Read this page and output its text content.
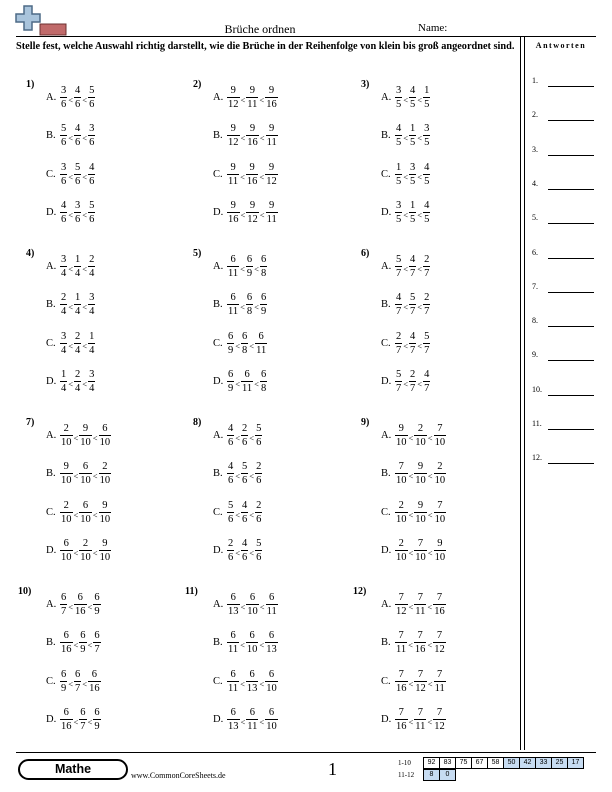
Brüche ordnen	Name:
Stelle fest, welche Auswahl richtig darstellt, wie die Brüche in der Reihenfolge von klein bis groß angeordnet sind.	Antworten
1.
2.
3.
4.
5.
6.
7.
8.
9.
10.
11.
12.
1)
A. $\frac{3}{6} < \frac{4}{6} < \frac{5}{6}$
B. $\frac{5}{6} < \frac{4}{6} < \frac{3}{6}$
C. $\frac{3}{6} < \frac{5}{6} < \frac{4}{6}$
D. $\frac{4}{6} < \frac{3}{6} < \frac{5}{6}$
2)
A. $\frac{9}{12} < \frac{9}{11} < \frac{9}{16}$
B. $\frac{9}{12} < \frac{9}{16} < \frac{9}{11}$
C. $\frac{9}{11} < \frac{9}{16} < \frac{9}{12}$
D. $\frac{9}{16} < \frac{9}{12} < \frac{9}{11}$
3)
A. $\frac{3}{5} < \frac{4}{5} < \frac{1}{5}$
B. $\frac{4}{5} < \frac{1}{5} < \frac{3}{5}$
C. $\frac{1}{5} < \frac{3}{5} < \frac{4}{5}$
D. $\frac{3}{5} < \frac{1}{5} < \frac{4}{5}$
4)
A. $\frac{3}{4} < \frac{1}{4} < \frac{2}{4}$
B. $\frac{2}{4} < \frac{1}{4} < \frac{3}{4}$
C. $\frac{3}{4} < \frac{2}{4} < \frac{1}{4}$
D. $\frac{1}{4} < \frac{2}{4} < \frac{3}{4}$
5)
A. $\frac{6}{11} < \frac{6}{9} < \frac{6}{8}$
B. $\frac{6}{11} < \frac{6}{8} < \frac{6}{9}$
C. $\frac{6}{9} < \frac{6}{8} < \frac{6}{11}$
D. $\frac{6}{9} < \frac{6}{11} < \frac{6}{8}$
6)
A. $\frac{5}{7} < \frac{4}{7} < \frac{2}{7}$
B. $\frac{4}{7} < \frac{5}{7} < \frac{2}{7}$
C. $\frac{2}{7} < \frac{4}{7} < \frac{5}{7}$
D. $\frac{5}{7} < \frac{2}{7} < \frac{4}{7}$
7)
A. $\frac{2}{10} < \frac{9}{10} < \frac{6}{10}$
B. $\frac{9}{10} < \frac{6}{10} < \frac{2}{10}$
C. $\frac{2}{10} < \frac{6}{10} < \frac{9}{10}$
D. $\frac{6}{10} < \frac{2}{10} < \frac{9}{10}$
8)
A. $\frac{4}{6} < \frac{2}{6} < \frac{5}{6}$
B. $\frac{4}{6} < \frac{5}{6} < \frac{2}{6}$
C. $\frac{5}{6} < \frac{4}{6} < \frac{2}{6}$
D. $\frac{2}{6} < \frac{4}{6} < \frac{5}{6}$
9)
A. $\frac{9}{10} < \frac{2}{10} < \frac{7}{10}$
B. $\frac{7}{10} < \frac{9}{10} < \frac{2}{10}$
C. $\frac{2}{10} < \frac{9}{10} < \frac{7}{10}$
D. $\frac{2}{10} < \frac{7}{10} < \frac{9}{10}$
10)
A. $\frac{6}{7} < \frac{6}{16} < \frac{6}{9}$
B. $\frac{6}{16} < \frac{6}{9} < \frac{6}{7}$
C. $\frac{6}{9} < \frac{6}{7} < \frac{6}{16}$
D. $\frac{6}{16} < \frac{6}{7} < \frac{6}{9}$
11)
A. $\frac{6}{13} < \frac{6}{10} < \frac{6}{11}$
B. $\frac{6}{11} < \frac{6}{10} < \frac{6}{13}$
C. $\frac{6}{11} < \frac{6}{13} < \frac{6}{10}$
D. $\frac{6}{13} < \frac{6}{11} < \frac{6}{10}$
12)
A. $\frac{7}{12} < \frac{7}{11} < \frac{7}{16}$
B. $\frac{7}{11} < \frac{7}{16} < \frac{7}{12}$
C. $\frac{7}{16} < \frac{7}{12} < \frac{7}{11}$
D. $\frac{7}{16} < \frac{7}{11} < \frac{7}{12}$
Mathe	www.CommonCoreSheets.de	1	1-10	92	83	75	67	58	50	42	33	25	17
11-12	8	0
